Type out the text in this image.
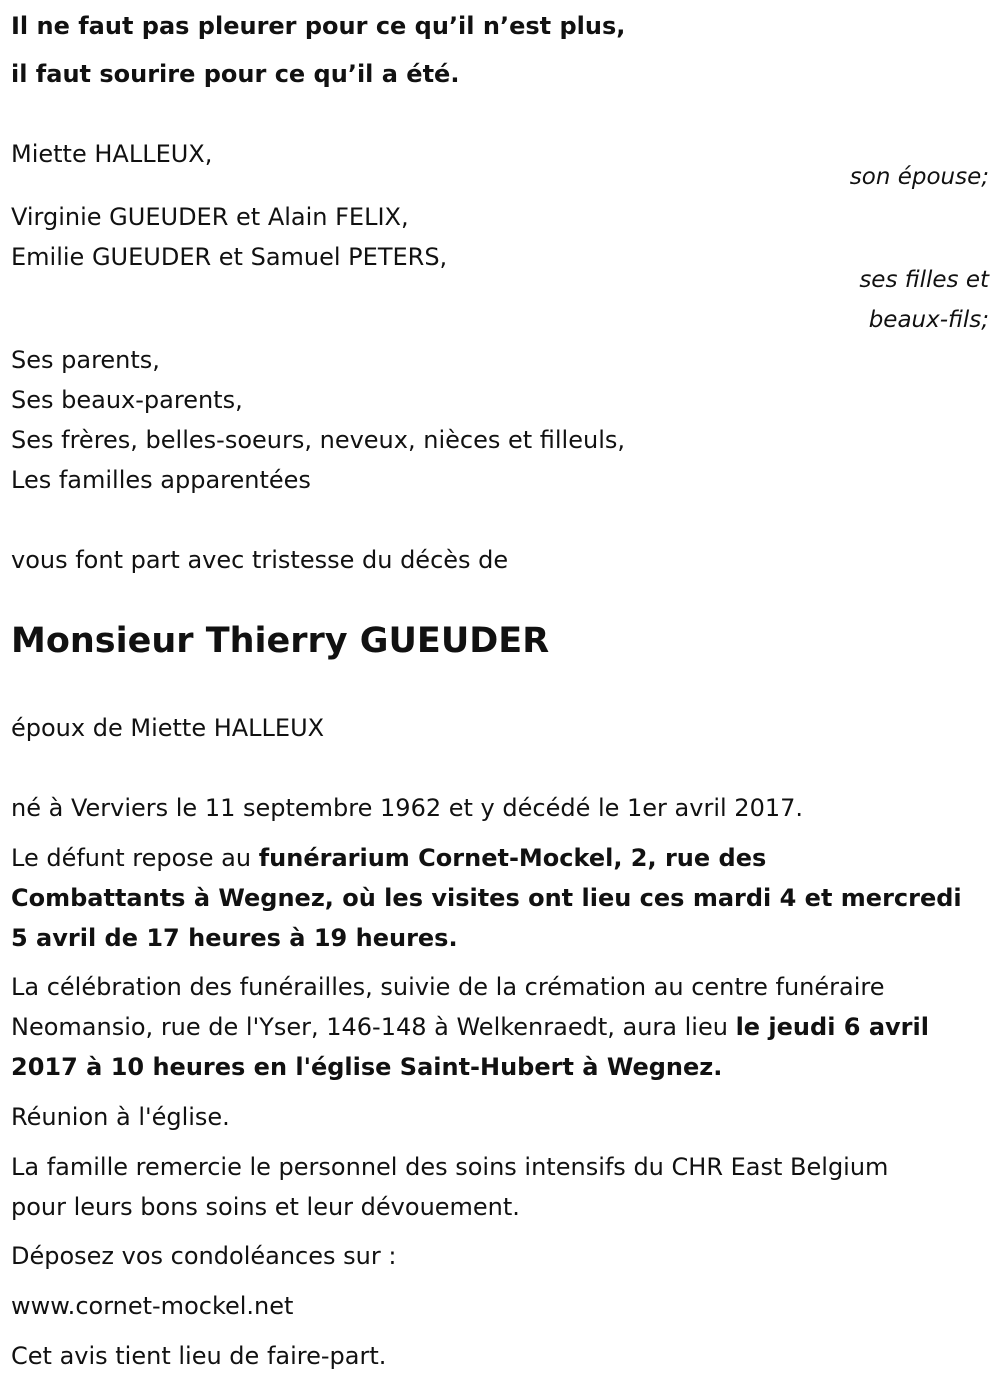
Il ne faut pas pleurer pour ce qu’il n’est plus,
il faut sourire pour ce qu’il a été.
Miette HALLEUX,
son épouse;
Virginie GUEUDER et Alain FELIX,
Emilie GUEUDER et Samuel PETERS,
ses filles et
beaux-fils;
Ses parents,
Ses beaux-parents,
Ses frères, belles-soeurs, neveux, nièces et filleuls,
Les familles apparentées
vous font part avec tristesse du décès de
Monsieur Thierry GUEUDER
époux de Miette HALLEUX
né à Verviers le 11 septembre 1962 et y décédé le 1er avril 2017.
Le défunt repose au funérarium Cornet-Mockel, 2, rue des
Combattants à Wegnez, où les visites ont lieu ces mardi 4 et mercredi
5 avril de 17 heures à 19 heures.
La célébration des funérailles, suivie de la crémation au centre funéraire
Neomansio, rue de l'Yser, 146-148 à Welkenraedt, aura lieu le jeudi 6 avril
2017 à 10 heures en l'église Saint-Hubert à Wegnez.
Réunion à l'église.
La famille remercie le personnel des soins intensifs du CHR East Belgium
pour leurs bons soins et leur dévouement.
Déposez vos condoléances sur :
www.cornet-mockel.net
Cet avis tient lieu de faire-part.
